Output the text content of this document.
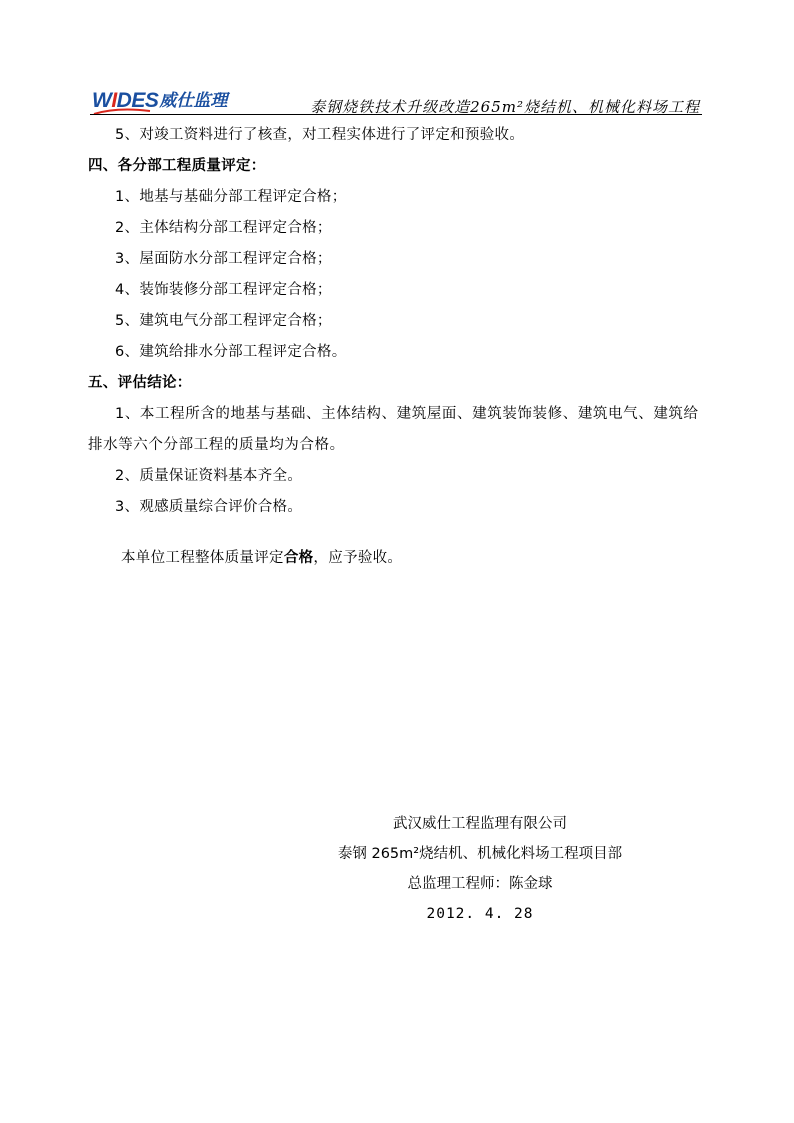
WIDES 威仕监理	泰钢烧铁技术升级改造265m²烧结机、机械化料场工程
5、对竣工资料进行了核查，对工程实体进行了评定和预验收。
四、各分部工程质量评定：
1、地基与基础分部工程评定合格；
2、主体结构分部工程评定合格；
3、屋面防水分部工程评定合格；
4、装饰装修分部工程评定合格；
5、建筑电气分部工程评定合格；
6、建筑给排水分部工程评定合格。
五、评估结论：
1、本工程所含的地基与基础、主体结构、建筑屋面、建筑装饰装修、建筑电气、建筑给排水等六个分部工程的质量均为合格。
2、质量保证资料基本齐全。
3、观感质量综合评价合格。
本单位工程整体质量评定合格，应予验收。
武汉威仕工程监理有限公司
泰钢 265m²烧结机、机械化料场工程项目部
总监理工程师：陈金球
2012. 4. 28
